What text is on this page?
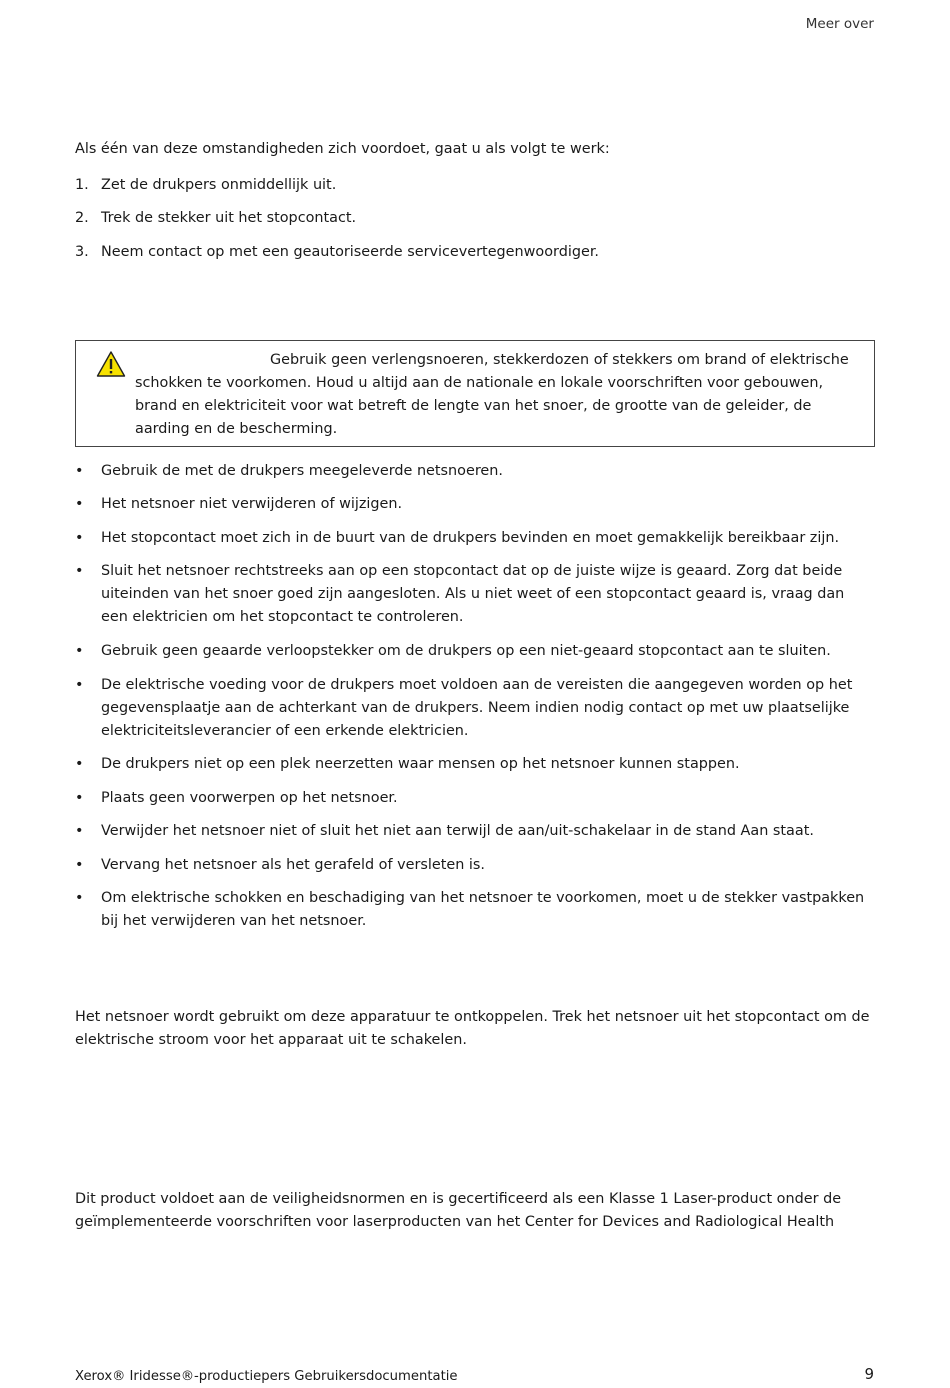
Meer over
Als één van deze omstandigheden zich voordoet, gaat u als volgt te werk:
1. Zet de drukpers onmiddellijk uit.
2. Trek de stekker uit het stopcontact.
3. Neem contact op met een geautoriseerde servicevertegenwoordiger.
Gebruik geen verlengsnoeren, stekkerdozen of stekkers om brand of elektrische schokken te voorkomen. Houd u altijd aan de nationale en lokale voorschriften voor gebouwen, brand en elektriciteit voor wat betreft de lengte van het snoer, de grootte van de geleider, de aarding en de bescherming.
•	Gebruik de met de drukpers meegeleverde netsnoeren.
•	Het netsnoer niet verwijderen of wijzigen.
•	Het stopcontact moet zich in de buurt van de drukpers bevinden en moet gemakkelijk bereikbaar zijn.
•	Sluit het netsnoer rechtstreeks aan op een stopcontact dat op de juiste wijze is geaard. Zorg dat beide uiteinden van het snoer goed zijn aangesloten. Als u niet weet of een stopcontact geaard is, vraag dan een elektricien om het stopcontact te controleren.
•	Gebruik geen geaarde verloopstekker om de drukpers op een niet-geaard stopcontact aan te sluiten.
•	De elektrische voeding voor de drukpers moet voldoen aan de vereisten die aangegeven worden op het gegevensplaatje aan de achterkant van de drukpers. Neem indien nodig contact op met uw plaatselijke elektriciteitsleverancier of een erkende elektricien.
•	De drukpers niet op een plek neerzetten waar mensen op het netsnoer kunnen stappen.
•	Plaats geen voorwerpen op het netsnoer.
•	Verwijder het netsnoer niet of sluit het niet aan terwijl de aan/uit-schakelaar in de stand Aan staat.
•	Vervang het netsnoer als het gerafeld of versleten is.
•	Om elektrische schokken en beschadiging van het netsnoer te voorkomen, moet u de stekker vastpakken bij het verwijderen van het netsnoer.
Het netsnoer wordt gebruikt om deze apparatuur te ontkoppelen. Trek het netsnoer uit het stopcontact om de elektrische stroom voor het apparaat uit te schakelen.
Dit product voldoet aan de veiligheidsnormen en is gecertificeerd als een Klasse 1 Laser-product onder de geïmplementeerde voorschriften voor laserproducten van het Center for Devices and Radiological Health
Xerox® Iridesse®-productiepers Gebruikersdocumentatie	9
